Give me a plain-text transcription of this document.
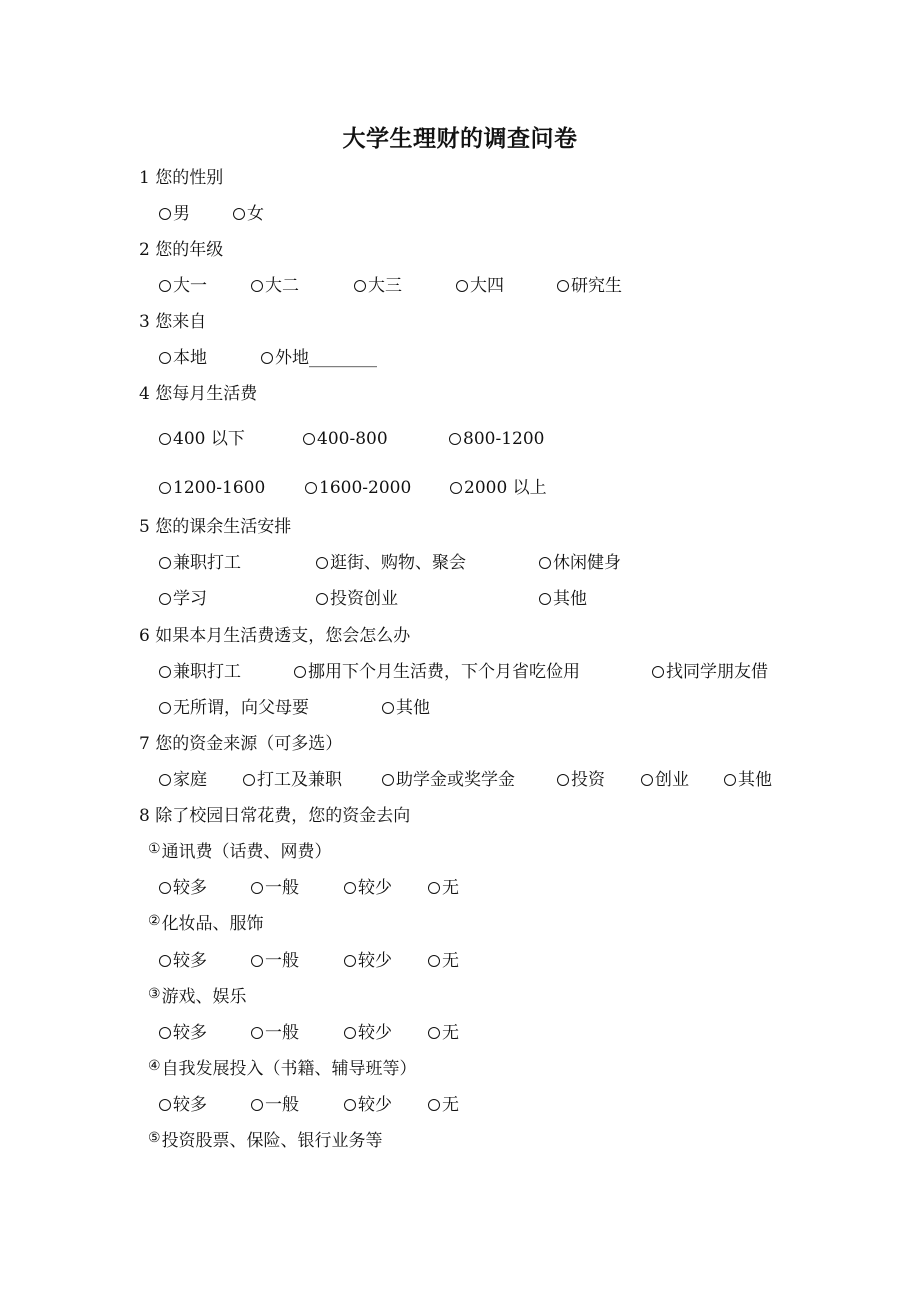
大学生理财的调查问卷
1 您的性别
男	女
2 您的年级
大一	大二	大三	大四	研究生
3 您来自
本地	外地________
4 您每月生活费
400 以下	400-800	800-1200
1200-1600	1600-2000	2000 以上
5 您的课余生活安排
兼职打工	逛街、购物、聚会	休闲健身
学习	投资创业	其他
6 如果本月生活费透支，您会怎么办
兼职打工	挪用下个月生活费，下个月省吃俭用	找同学朋友借
无所谓，向父母要	其他
7 您的资金来源（可多选）
家庭	打工及兼职	助学金或奖学金	投资	创业	其他
8 除了校园日常花费，您的资金去向
①通讯费（话费、网费）
较多	一般	较少	无
②化妆品、服饰
较多	一般	较少	无
③游戏、娱乐
较多	一般	较少	无
④自我发展投入（书籍、辅导班等）
较多	一般	较少	无
⑤投资股票、保险、银行业务等
